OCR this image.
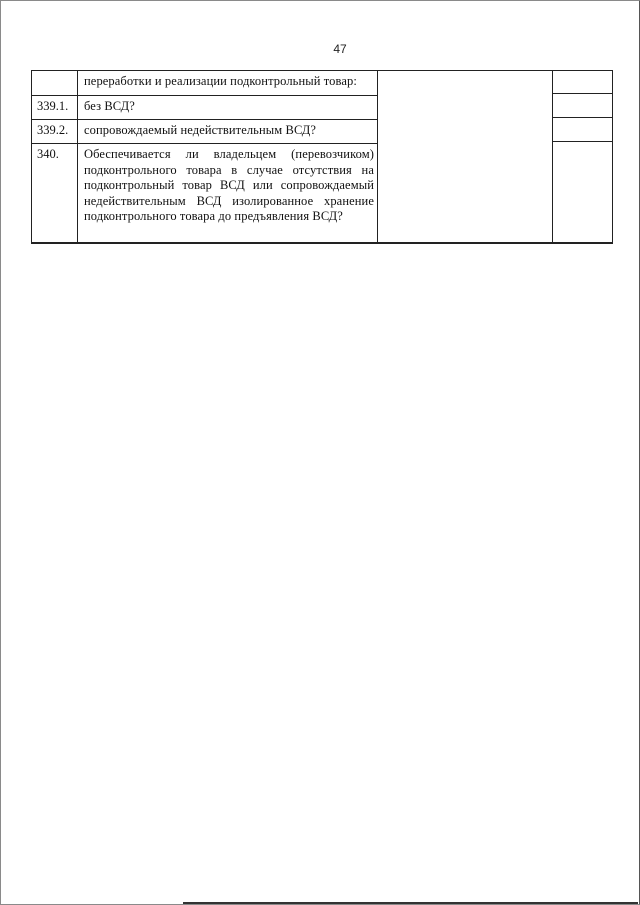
47
переработки и реализации подконтрольный товар:
339.1. без ВСД?
339.2. сопровождаемый недействительным ВСД?
340. Обеспечивается ли владельцем (перевозчиком) подконтрольного товара в случае отсутствия на подконтрольный товар ВСД или сопровождаемый недействительным ВСД изолированное хранение подконтрольного товара до предъявления ВСД?
